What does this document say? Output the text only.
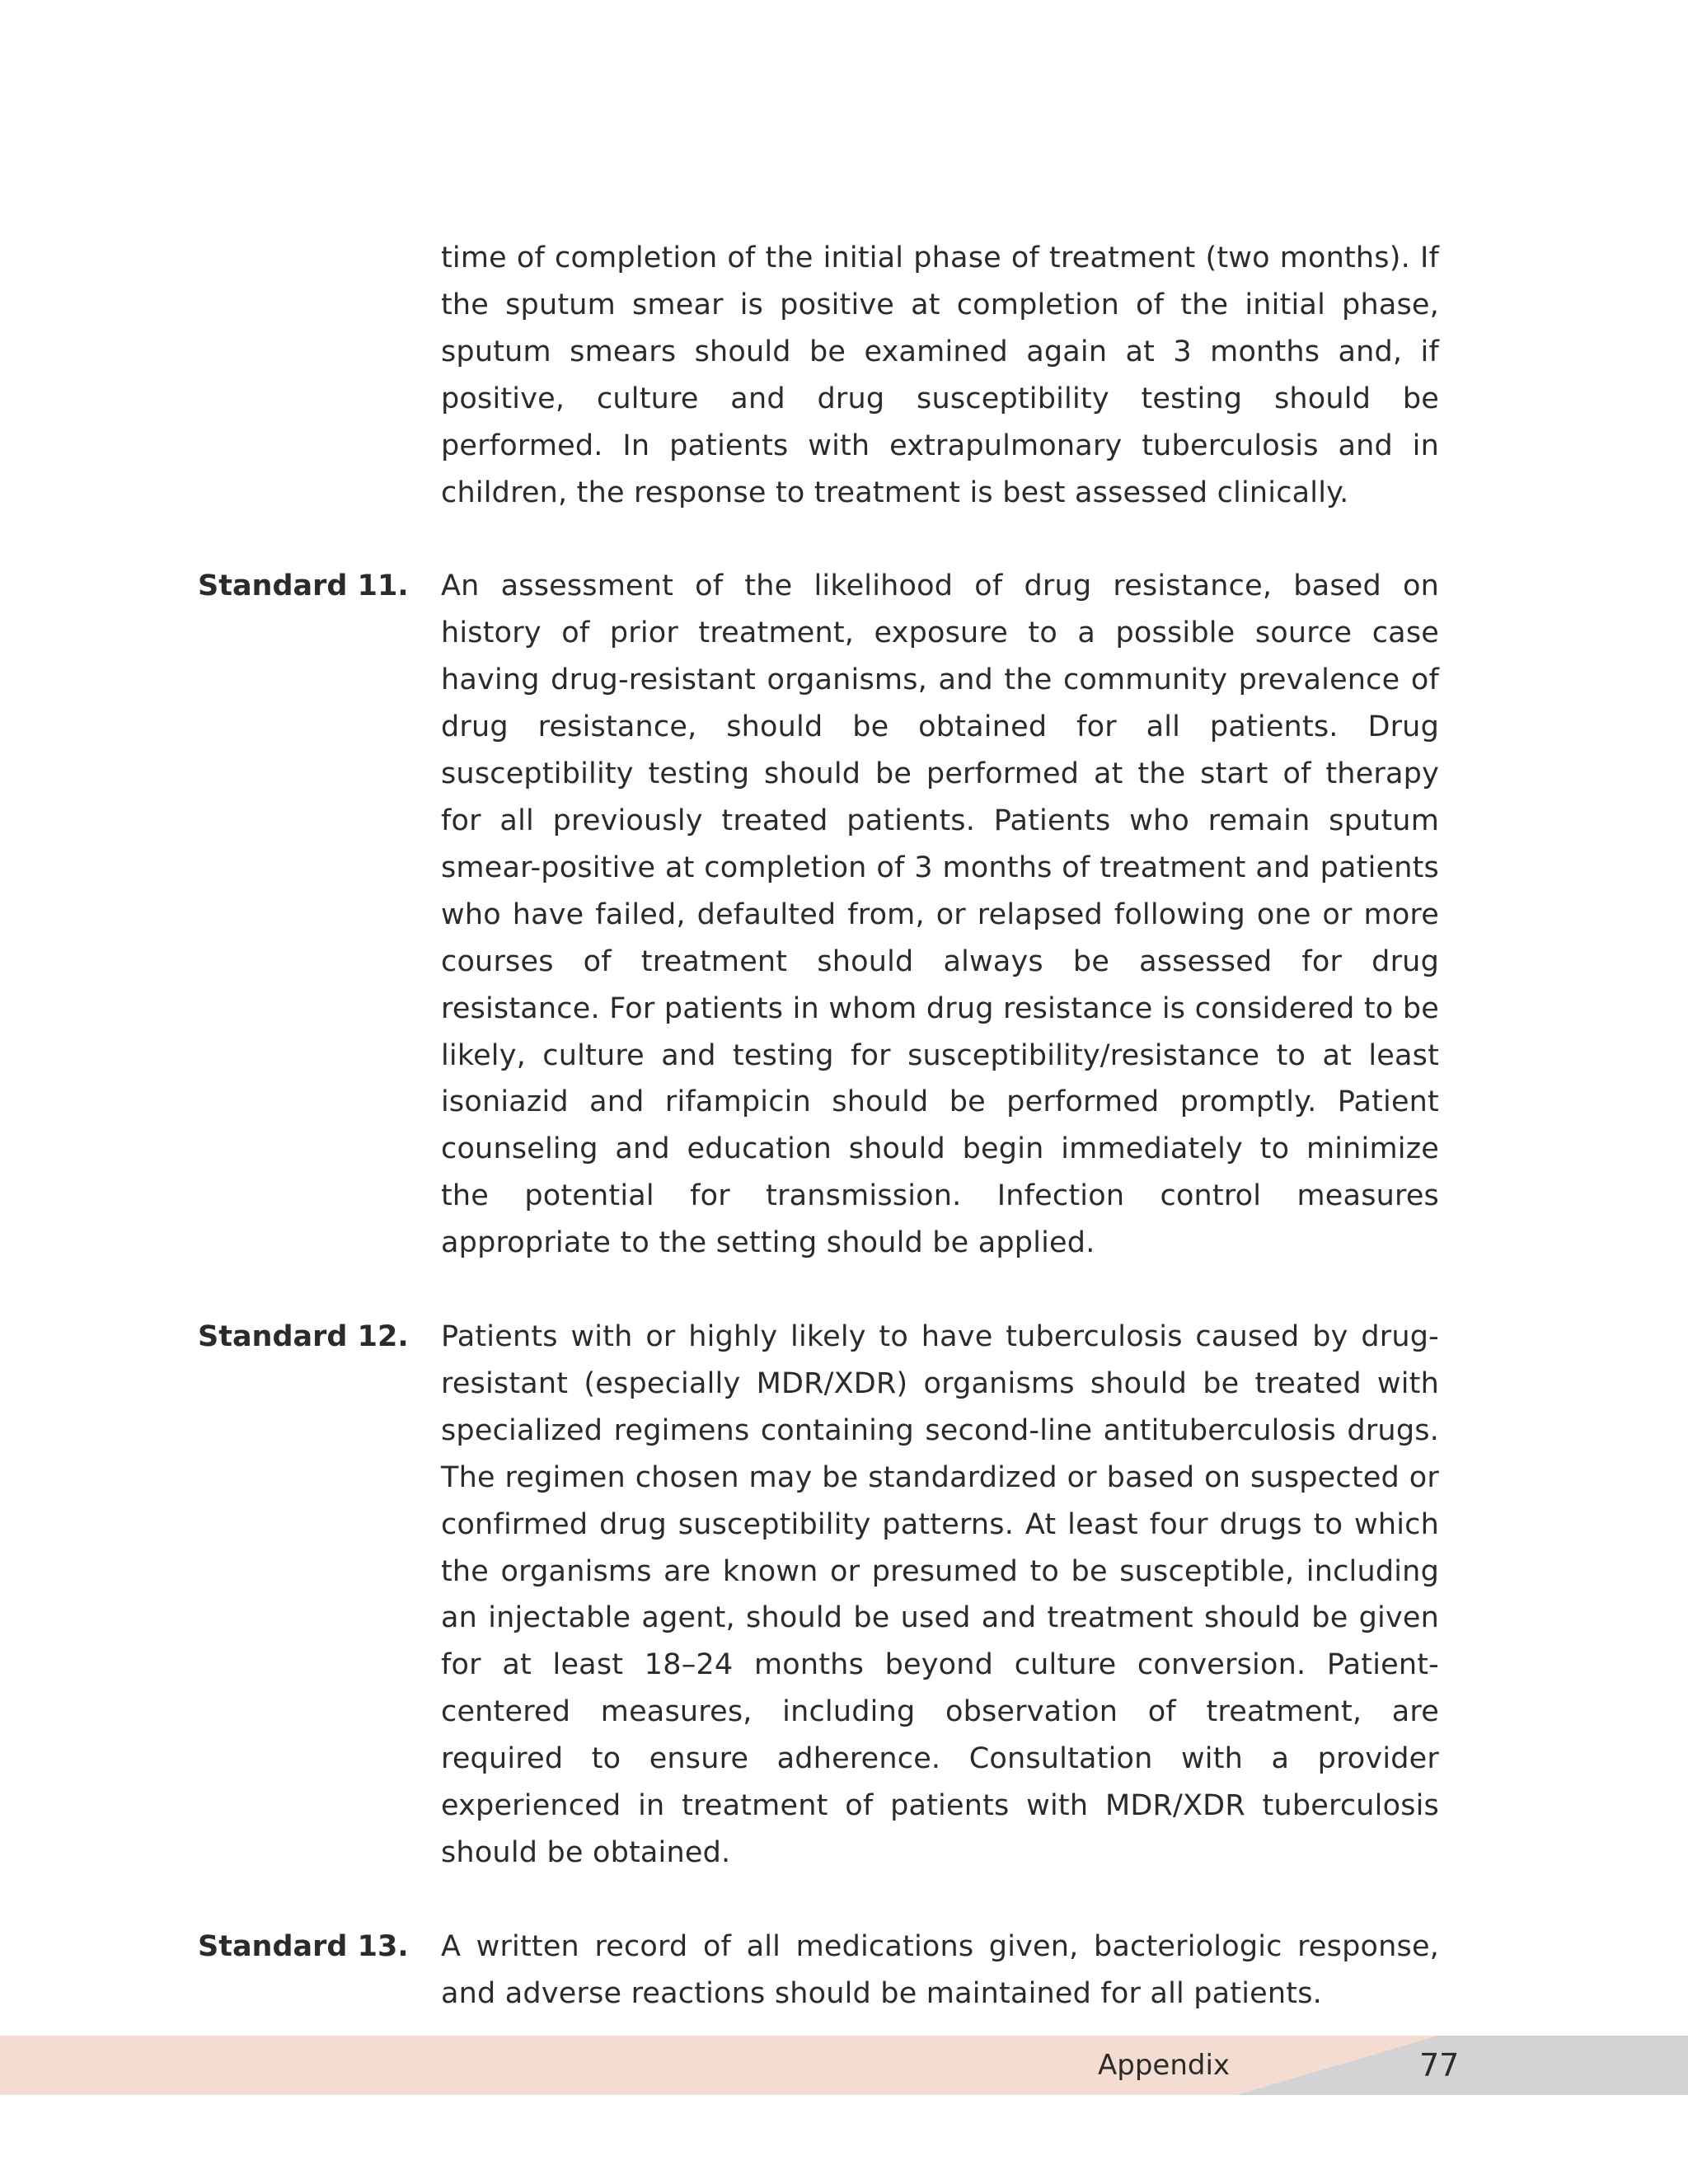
time of completion of the initial phase of treatment (two months). If the sputum smear is positive at completion of the initial phase, sputum smears should be examined again at 3 months and, if positive, culture and drug susceptibility testing should be performed. In patients with extrapulmonary tuberculosis and in children, the response to treatment is best assessed clinically.
Standard 11. An assessment of the likelihood of drug resistance, based on history of prior treatment, exposure to a possible source case having drug-resistant organisms, and the community prevalence of drug resistance, should be obtained for all patients. Drug susceptibility testing should be performed at the start of therapy for all previously treated patients. Patients who remain sputum smear-positive at completion of 3 months of treatment and patients who have failed, defaulted from, or relapsed following one or more courses of treatment should always be assessed for drug resistance. For patients in whom drug resistance is considered to be likely, culture and testing for susceptibility/resistance to at least isoniazid and rifampicin should be performed promptly. Patient counseling and education should begin immediately to minimize the potential for transmission. Infection control measures appropriate to the setting should be applied.
Standard 12. Patients with or highly likely to have tuberculosis caused by drug-resistant (especially MDR/XDR) organisms should be treated with specialized regimens containing second-line antituberculosis drugs. The regimen chosen may be standardized or based on suspected or confirmed drug susceptibility patterns. At least four drugs to which the organisms are known or presumed to be susceptible, including an injectable agent, should be used and treatment should be given for at least 18–24 months beyond culture conversion. Patient-centered measures, including observation of treatment, are required to ensure adherence. Consultation with a provider experienced in treatment of patients with MDR/XDR tuberculosis should be obtained.
Standard 13. A written record of all medications given, bacteriologic response, and adverse reactions should be maintained for all patients.
Appendix	77
